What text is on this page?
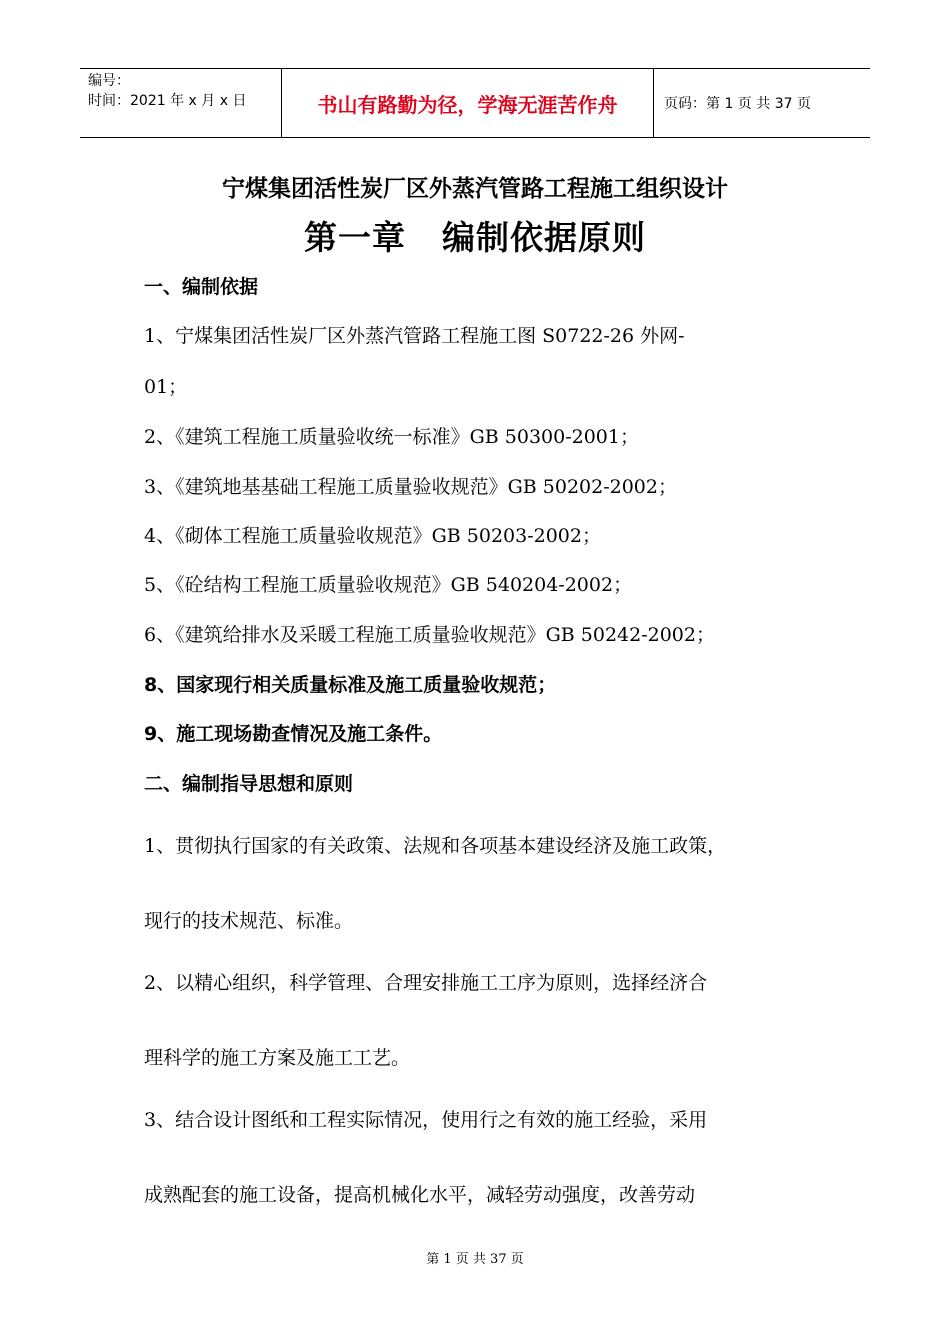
编号：
时间：2021 年 x 月 x 日	书山有路勤为径，学海无涯苦作舟	页码：第 1 页 共 37 页
宁煤集团活性炭厂区外蒸汽管路工程施工组织设计
第一章 编制依据原则
一、编制依据
1、宁煤集团活性炭厂区外蒸汽管路工程施工图 S0722-26 外网-
01；
2、《建筑工程施工质量验收统一标准》GB 50300-2001；
3、《建筑地基基础工程施工质量验收规范》GB 50202-2002；
4、《砌体工程施工质量验收规范》GB 50203-2002；
5、《砼结构工程施工质量验收规范》GB 540204-2002；
6、《建筑给排水及采暖工程施工质量验收规范》GB 50242-2002；
8、国家现行相关质量标准及施工质量验收规范；
9、施工现场勘查情况及施工条件。
二、编制指导思想和原则
1、贯彻执行国家的有关政策、法规和各项基本建设经济及施工政策，
现行的技术规范、标准。
2、以精心组织，科学管理、合理安排施工工序为原则，选择经济合
理科学的施工方案及施工工艺。
3、结合设计图纸和工程实际情况，使用行之有效的施工经验，采用
成熟配套的施工设备，提高机械化水平，减轻劳动强度，改善劳动
第 1 页 共 37 页
